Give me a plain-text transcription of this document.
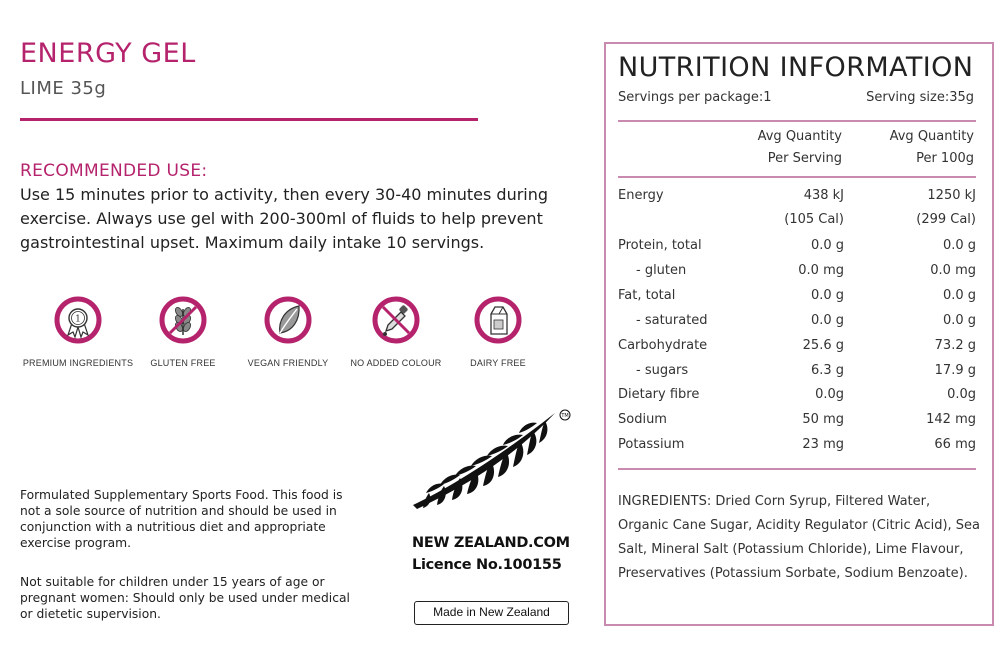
ENERGY GEL
LIME 35g
RECOMMENDED USE:
Use 15 minutes prior to activity, then every 30-40 minutes during exercise. Always use gel with 200-300ml of fluids to help prevent gastrointestinal upset. Maximum daily intake 10 servings.
1
PREMIUM INGREDIENTS	GLUTEN FREE	VEGAN FRIENDLY	NO ADDED COLOUR	DAIRY FREE
Formulated Supplementary Sports Food. This food is not a sole source of nutrition and should be used in conjunction with a nutritious diet and appropriate exercise program.
Not suitable for children under 15 years of age or pregnant women: Should only be used under medical or dietetic supervision.
TM
NEW ZEALAND.COM
Licence No.100155
Made in New Zealand
NUTRITION INFORMATION
Servings per package:1	Serving size:35g
Avg Quantity
Per Serving
Avg Quantity
Per 100g
Energy	438 kJ	1250 kJ
(105 Cal)	(299 Cal)
Protein, total	0.0 g	0.0 g
- gluten	0.0 mg	0.0 mg
Fat, total	0.0 g	0.0 g
- saturated	0.0 g	0.0 g
Carbohydrate	25.6 g	73.2 g
- sugars	6.3 g	17.9 g
Dietary fibre	0.0g	0.0g
Sodium	50 mg	142 mg
Potassium	23 mg	66 mg
INGREDIENTS: Dried Corn Syrup, Filtered Water, Organic Cane Sugar, Acidity Regulator (Citric Acid), Sea Salt, Mineral Salt (Potassium Chloride), Lime Flavour, Preservatives (Potassium Sorbate, Sodium Benzoate).
